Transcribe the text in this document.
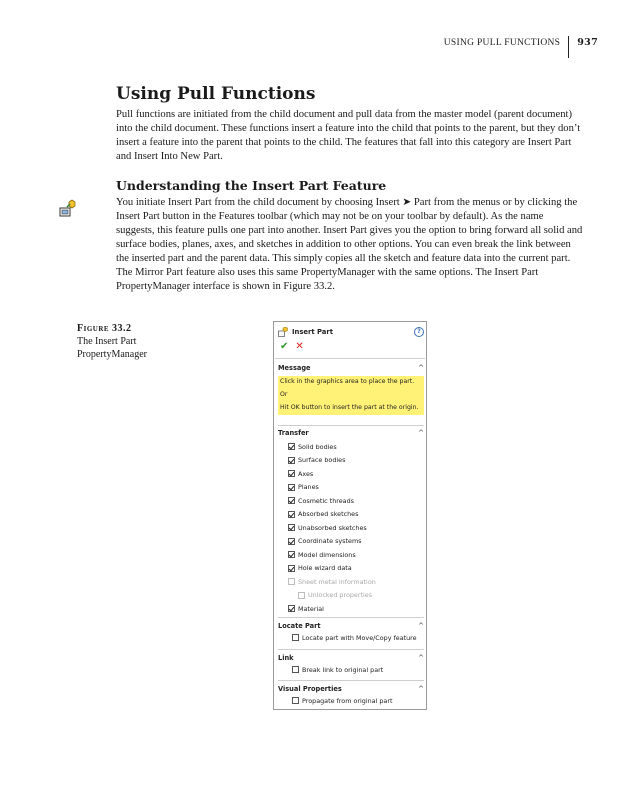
USING PULL FUNCTIONS	937
Using Pull Functions

Pull functions are initiated from the child document and pull data from the master model (parent document) into the child document. These functions insert a feature into the child that points to the parent, but they don’t insert a feature into the parent that points to the child. The features that fall into this category are Insert Part and Insert Into New Part.

Understanding the Insert Part Feature

You initiate Insert Part from the child document by choosing Insert ➤ Part from the menus or by clicking the Insert Part button in the Features toolbar (which may not be on your toolbar by default). As the name suggests, this feature pulls one part into another. Insert Part gives you the option to bring forward all solid and surface bodies, planes, axes, and sketches in addition to other options. You can even break the link between the inserted part and the parent data. This simply copies all the sketch and feature data into the current part. The Mirror Part feature also uses this same PropertyManager with the same options. The Insert Part PropertyManager interface is shown in Figure 33.2.

Figure 33.2
The Insert Part
PropertyManager
Insert Part	?
✔ ✕
Message	^
Click in the graphics area to place the part.
Or
Hit OK button to insert the part at the origin.
Transfer	^
Solid bodies
Surface bodies
Axes
Planes
Cosmetic threads
Absorbed sketches
Unabsorbed sketches
Coordinate systems
Model dimensions
Hole wizard data
Sheet metal information
Unlocked properties
Material
Locate Part	^
Locate part with Move/Copy feature
Link	^
Break link to original part
Visual Properties	^
Propagate from original part
